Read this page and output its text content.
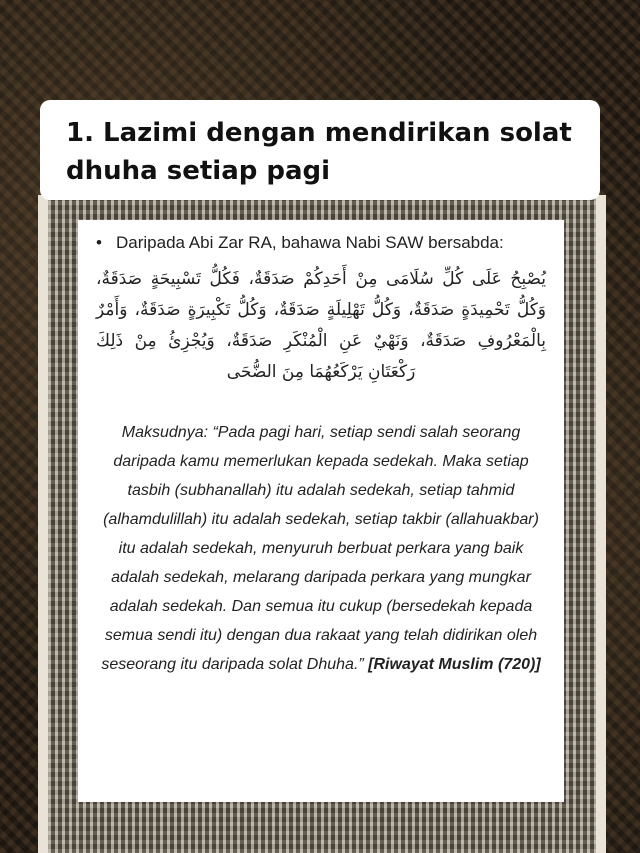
1. Lazimi dengan mendirikan solat dhuha setiap pagi
• Daripada Abi Zar RA, bahawa Nabi SAW bersabda:
يُصْبِحُ عَلَى كُلِّ سُلَامَى مِنْ أَحَدِكُمْ صَدَقَةٌ، فَكُلُّ تَسْبِيحَةٍ صَدَقَةٌ، وَكُلُّ تَحْمِيدَةٍ صَدَقَةٌ، وَكُلُّ تَهْلِيلَةٍ صَدَقَةٌ، وَكُلُّ تَكْبِيرَةٍ صَدَقَةٌ، وَأَمْرٌ بِالْمَعْرُوفِ صَدَقَةٌ، وَنَهْيٌ عَنِ الْمُنْكَرِ صَدَقَةٌ، وَيُجْزِئُ مِنْ ذَلِكَ رَكْعَتَانِ يَرْكَعُهُمَا مِنَ الضُّحَى
Maksudnya: “Pada pagi hari, setiap sendi salah seorang daripada kamu memerlukan kepada sedekah. Maka setiap tasbih (subhanallah) itu adalah sedekah, setiap tahmid (alhamdulillah) itu adalah sedekah, setiap takbir (allahuakbar) itu adalah sedekah, menyuruh berbuat perkara yang baik adalah sedekah, melarang daripada perkara yang mungkar adalah sedekah. Dan semua itu cukup (bersedekah kepada semua sendi itu) dengan dua rakaat yang telah didirikan oleh seseorang itu daripada solat Dhuha.” [Riwayat Muslim (720)]
